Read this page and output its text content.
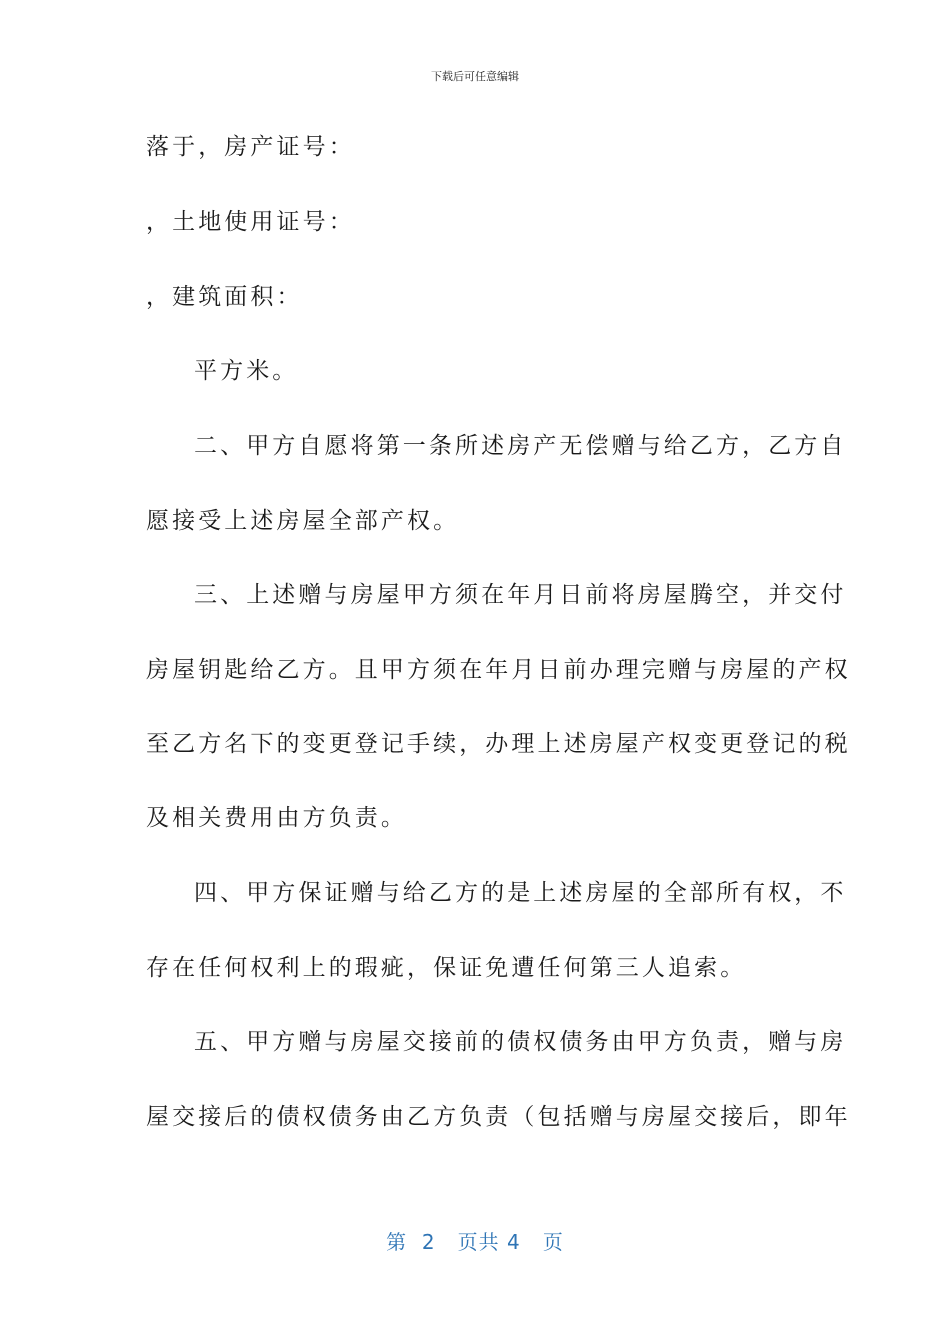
下载后可任意编辑
落于，房产证号：
，土地使用证号：
，建筑面积：
平方米。
二、甲方自愿将第一条所述房产无偿赠与给乙方，乙方自
愿接受上述房屋全部产权。
三、上述赠与房屋甲方须在年月日前将房屋腾空，并交付
房屋钥匙给乙方。且甲方须在年月日前办理完赠与房屋的产权
至乙方名下的变更登记手续，办理上述房屋产权变更登记的税
及相关费用由方负责。
四、甲方保证赠与给乙方的是上述房屋的全部所有权，不
存在任何权利上的瑕疵，保证免遭任何第三人追索。
五、甲方赠与房屋交接前的债权债务由甲方负责，赠与房
屋交接后的债权债务由乙方负责（包括赠与房屋交接后，即年
第  2   页共 4   页
